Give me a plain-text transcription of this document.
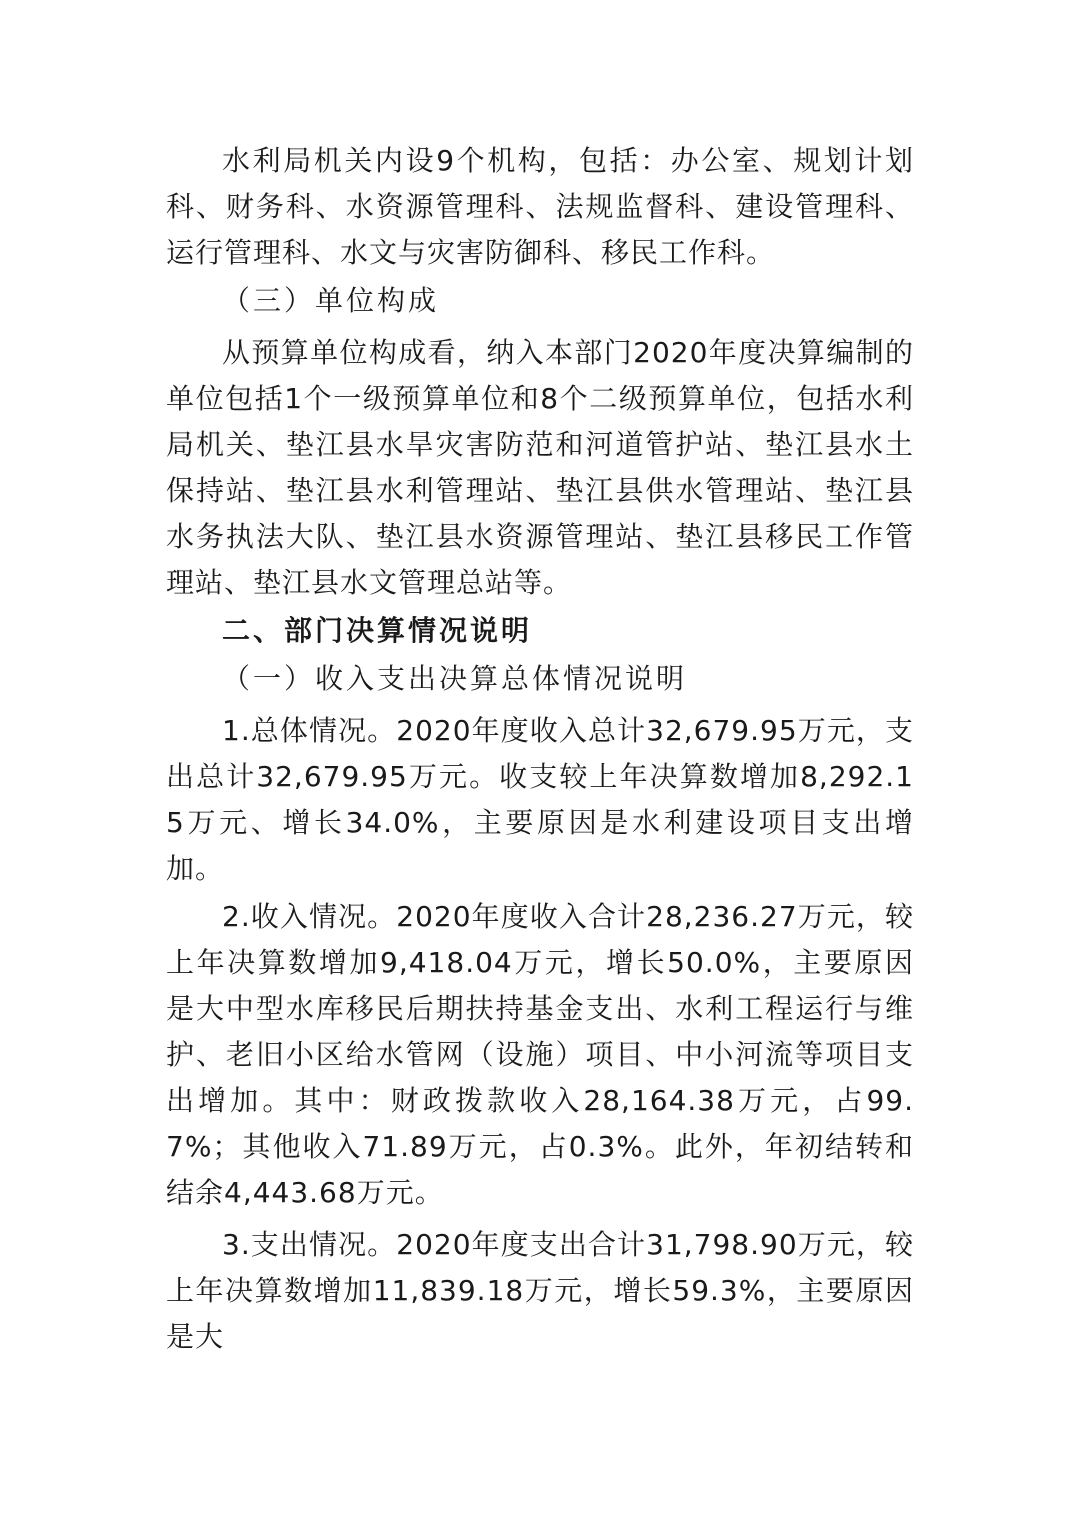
水利局机关内设9个机构，包括：办公室、规划计划科、财务科、水资源管理科、法规监督科、建设管理科、运行管理科、水文与灾害防御科、移民工作科。

（三）单位构成

从预算单位构成看，纳入本部门2020年度决算编制的单位包括1个一级预算单位和8个二级预算单位，包括水利局机关、垫江县水旱灾害防范和河道管护站、垫江县水土保持站、垫江县水利管理站、垫江县供水管理站、垫江县水务执法大队、垫江县水资源管理站、垫江县移民工作管理站、垫江县水文管理总站等。

二、部门决算情况说明

（一）收入支出决算总体情况说明

1.总体情况。2020年度收入总计32,679.95万元，支出总计32,679.95万元。收支较上年决算数增加8,292.15万元、增长34.0%，主要原因是水利建设项目支出增加。

2.收入情况。2020年度收入合计28,236.27万元，较上年决算数增加9,418.04万元，增长50.0%，主要原因是大中型水库移民后期扶持基金支出、水利工程运行与维护、老旧小区给水管网（设施）项目、中小河流等项目支出增加。其中：财政拨款收入28,164.38万元，占99.7%；其他收入71.89万元，占0.3%。此外，年初结转和结余4,443.68万元。

3.支出情况。2020年度支出合计31,798.90万元，较上年决算数增加11,839.18万元，增长59.3%，主要原因是大
